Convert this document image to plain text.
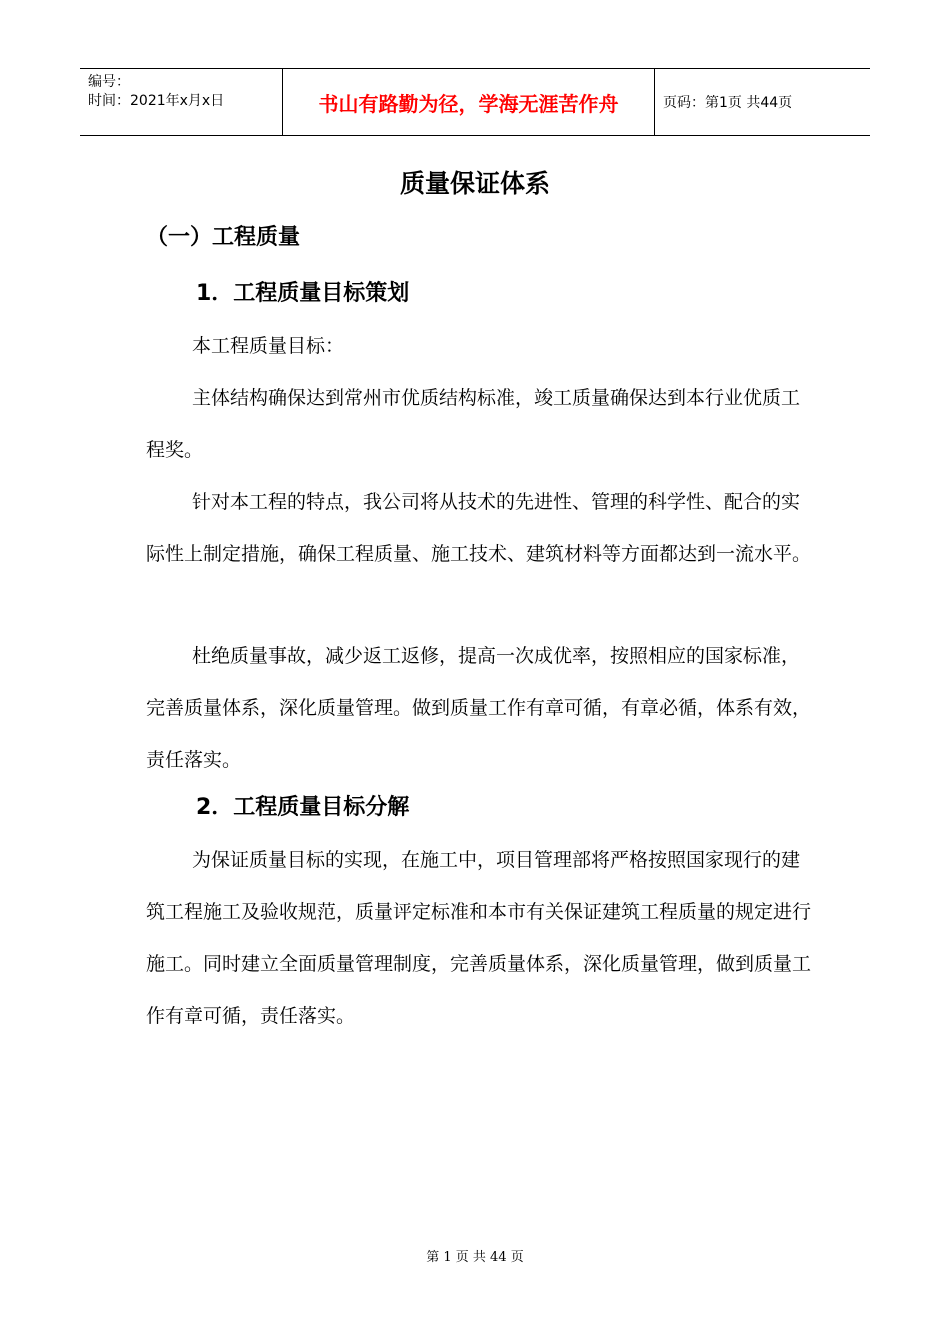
编号：
时间：2021年x月x日	书山有路勤为径，学海无涯苦作舟	页码：第1页 共44页
质量保证体系
（一）工程质量
1．工程质量目标策划

本工程质量目标：

主体结构确保达到常州市优质结构标准，竣工质量确保达到本行业优质工程奖。

针对本工程的特点，我公司将从技术的先进性、管理的科学性、配合的实际性上制定措施，确保工程质量、施工技术、建筑材料等方面都达到一流水平。

杜绝质量事故，减少返工返修，提高一次成优率，按照相应的国家标准，完善质量体系，深化质量管理。做到质量工作有章可循，有章必循，体系有效，责任落实。

2．工程质量目标分解

为保证质量目标的实现，在施工中，项目管理部将严格按照国家现行的建筑工程施工及验收规范，质量评定标准和本市有关保证建筑工程质量的规定进行施工。同时建立全面质量管理制度，完善质量体系，深化质量管理，做到质量工作有章可循，责任落实。

第 1 页 共 44 页
